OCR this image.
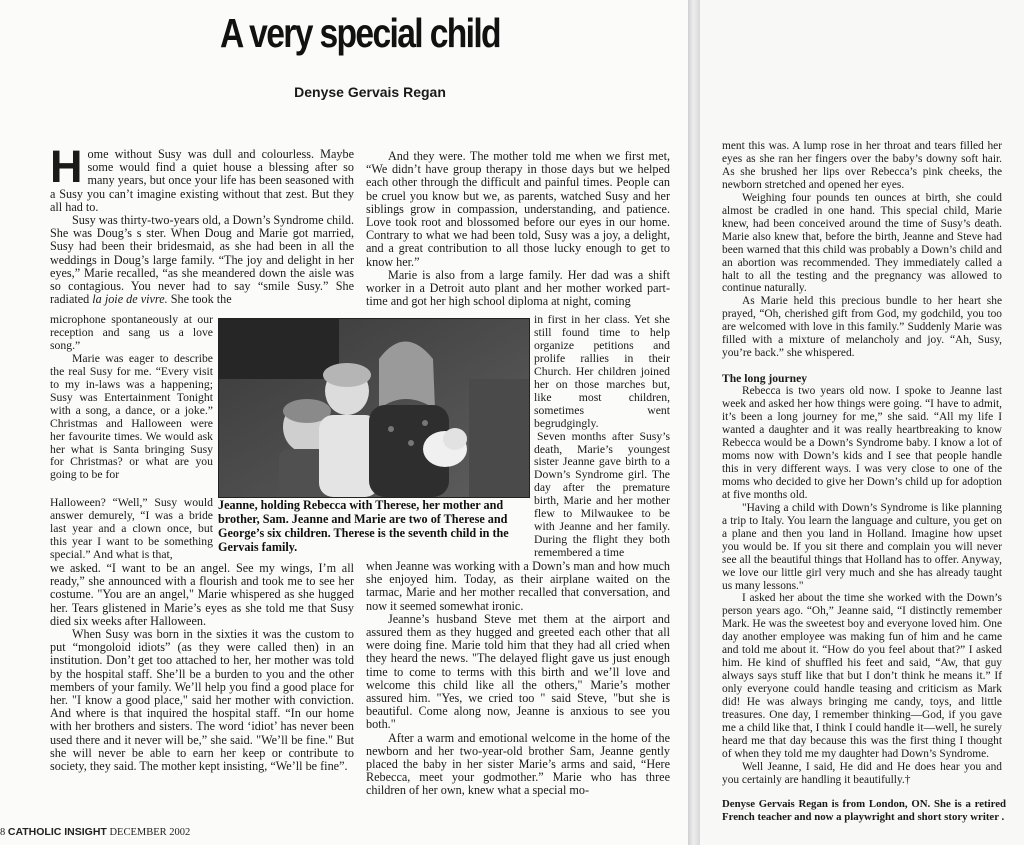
A very special child
Denyse Gervais Regan

Home without Susy was dull and colourless. Maybe some would find a quiet house a blessing after so many years, but once your life has been seasoned with a Susy you can’t imagine existing without that zest. But they all had to.

Susy was thirty-two-years old, a Down’s Syndrome child. She was Doug’s s ster. When Doug and Marie got married, Susy had been their bridesmaid, as she had been in all the weddings in Doug’s large family. “The joy and delight in her eyes,” Marie recalled, “as she meandered down the aisle was so contagious. You never had to say “smile Susy.” She radiated la joie de vivre. She took the

microphone spontaneously at our reception and sang us a love song.”

Marie was eager to describe the real Susy for me. “Every visit to my in-laws was a happening; Susy was Entertainment Tonight with a song, a dance, or a joke.” Christmas and Halloween were her favourite times. We would ask her what is Santa bringing Susy for Christmas? or what are you going to be for

Halloween? “Well,” Susy would answer demurely, “I was a bride last year and a clown once, but this year I want to be something special.” And what is that,

Jeanne, holding Rebecca with Therese, her mother and brother, Sam. Jeanne and Marie are two of Therese and George’s six children. Therese is the seventh child in the Gervais family.

we asked. “I want to be an angel. See my wings, I’m all ready,” she announced with a flourish and took me to see her costume. "You are an angel," Marie whispered as she hugged her. Tears glistened in Marie’s eyes as she told me that Susy died six weeks after Halloween.

When Susy was born in the sixties it was the custom to put “mongoloid idiots” (as they were called then) in an institution. Don’t get too attached to her, her mother was told by the hospital staff. She’ll be a burden to you and the other members of your family. We’ll help you find a good place for her. "I know a good place," said her mother with conviction. And where is that inquired the hospital staff. “In our home with her brothers and sisters. The word ‘idiot’ has never been used there and it never will be,” she said. "We’ll be fine." But she will never be able to earn her keep or contribute to society, they said. The mother kept insisting, “We’ll be fine”.

And they were. The mother told me when we first met, “We didn’t have group therapy in those days but we helped each other through the difficult and painful times. People can be cruel you know but we, as parents, watched Susy and her siblings grow in compassion, understanding, and patience. Love took root and blossomed before our eyes in our home. Contrary to what we had been told, Susy was a joy, a delight, and a great contribution to all those lucky enough to get to know her.”

Marie is also from a large family. Her dad was a shift worker in a Detroit auto plant and her mother worked part-time and got her high school diploma at night, coming

in first in her class. Yet she still found time to help organize petitions and prolife rallies in their Church. Her children joined her on those marches but, like most children, sometimes went begrudgingly.

Seven months after Susy’s death, Marie’s youngest sister Jeanne gave birth to a Down’s Syndrome girl. The day after the premature birth, Marie and her mother flew to Milwaukee to be with Jeanne and her family. During the flight they both remembered a time

when Jeanne was working with a Down’s man and how much she enjoyed him. Today, as their airplane waited on the tarmac, Marie and her mother recalled that conversation, and now it seemed somewhat ironic.

Jeanne’s husband Steve met them at the airport and assured them as they hugged and greeted each other that all were doing fine. Marie told him that they had all cried when they heard the news. "The delayed flight gave us just enough time to come to terms with this birth and we’ll love and welcome this child like all the others," Marie’s mother assured him. "Yes, we cried too " said Steve, "but she is beautiful. Come along now, Jeanne is anxious to see you both."

After a warm and emotional welcome in the home of the newborn and her two-year-old brother Sam, Jeanne gently placed the baby in her sister Marie’s arms and said, “Here Rebecca, meet your godmother.” Marie who has three children of her own, knew what a special mo-

8 CATHOLIC INSIGHT DECEMBER 2002

ment this was. A lump rose in her throat and tears filled her eyes as she ran her fingers over the baby’s downy soft hair. As she brushed her lips over Rebecca’s pink cheeks, the newborn stretched and opened her eyes.

Weighing four pounds ten ounces at birth, she could almost be cradled in one hand. This special child, Marie knew, had been conceived around the time of Susy’s death. Marie also knew that, before the birth, Jeanne and Steve had been warned that this child was probably a Down’s child and an abortion was recommended. They immediately called a halt to all the testing and the pregnancy was allowed to continue naturally.

As Marie held this precious bundle to her heart she prayed, “Oh, cherished gift from God, my godchild, you too are welcomed with love in this family.” Suddenly Marie was filled with a mixture of melancholy and joy. “Ah, Susy, you’re back.” she whispered.

The long journey

Rebecca is two years old now. I spoke to Jeanne last week and asked her how things were going. “I have to admit, it’s been a long journey for me,” she said. “All my life I wanted a daughter and it was really heartbreaking to know Rebecca would be a Down’s Syndrome baby. I know a lot of moms now with Down’s kids and I see that people handle this in very different ways. I was very close to one of the moms who decided to give her Down’s child up for adoption at five months old.

"Having a child with Down’s Syndrome is like planning a trip to Italy. You learn the language and culture, you get on a plane and then you land in Holland. Imagine how upset you would be. If you sit there and complain you will never see all the beautiful things that Holland has to offer. Anyway, we love our little girl very much and she has already taught us many lessons."

I asked her about the time she worked with the Down’s person years ago. “Oh,” Jeanne said, “I distinctly remember Mark. He was the sweetest boy and everyone loved him. One day another employee was making fun of him and he came and told me about it. “How do you feel about that?” I asked him. He kind of shuffled his feet and said, “Aw, that guy always says stuff like that but I don’t think he means it.” If only everyone could handle teasing and criticism as Mark did! He was always bringing me candy, toys, and little treasures. One day, I remember thinking—God, if you gave me a child like that, I think I could handle it—well, he surely heard me that day because this was the first thing I thought of when they told me my daughter had Down’s Syndrome.

Well Jeanne, I said, He did and He does hear you and you certainly are handling it beautifully.†

Denyse Gervais Regan is from London, ON. She is a retired French teacher and now a playwright and short story writer .
